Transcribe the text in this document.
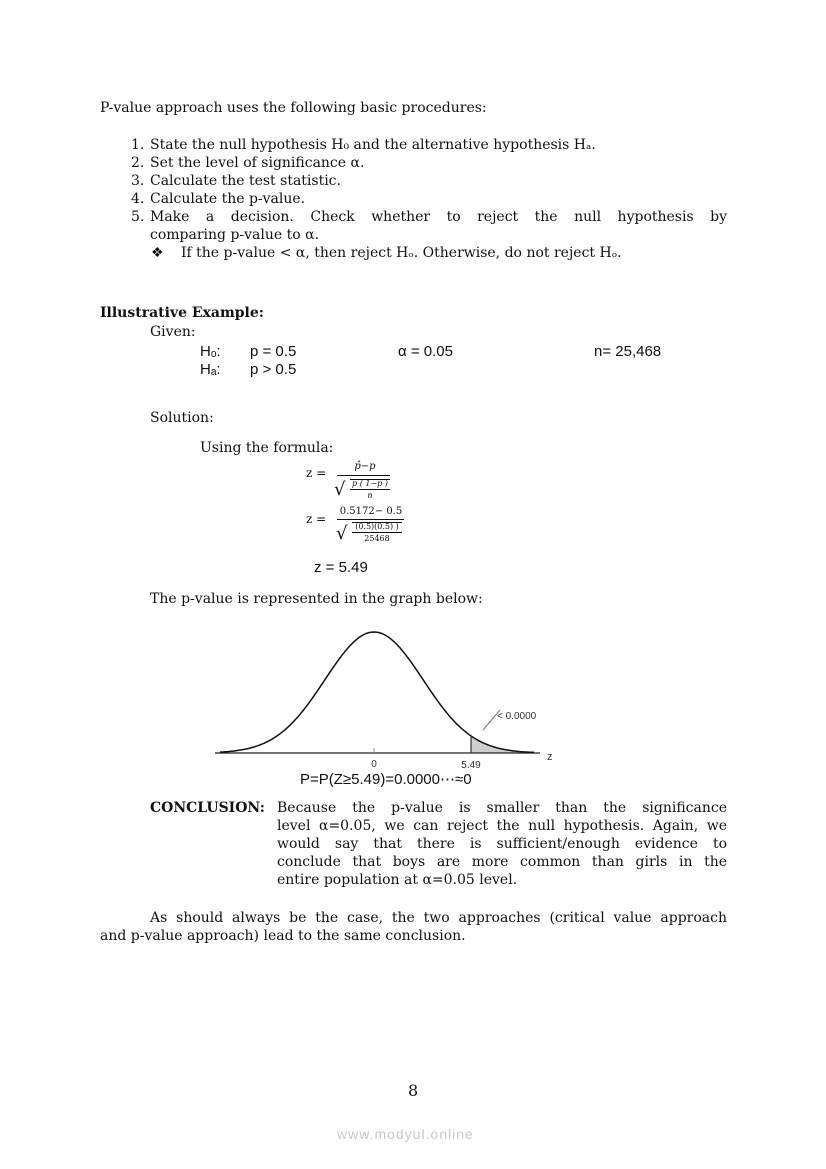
P-value approach uses the following basic procedures:
1. State the null hypothesis H₀ and the alternative hypothesis Hₐ.
2. Set the level of significance α.
3. Calculate the test statistic.
4. Calculate the p-value.
5. Make a decision. Check whether to reject the null hypothesis by
comparing p-value to α.
❖ If the p-value < α, then reject Hₒ. Otherwise, do not reject Hₒ.
Illustrative Example:
Given:
Hₒ: p = 0.5	α = 0.05	n= 25,468
Hₐ: p > 0.5
Solution:
Using the formula:
z =	p̂−p
√ p ( 1−p )
n
z =
0.5172− 0.5
√ (0.5)(0.5) )
25468
z = 5.49
The p-value is represented in the graph below:
0	5.49
< 0.0000
z
P=P(Z≥5.49)=0.0000⋯≈0
CONCLUSION: Because the p-value is smaller than the significance
level α=0.05, we can reject the null hypothesis. Again, we
would say that there is sufficient/enough evidence to
conclude that boys are more common than girls in the
entire population at α=0.05 level.
As should always be the case, the two approaches (critical value approach
and p-value approach) lead to the same conclusion.
8
www.modyul.online
